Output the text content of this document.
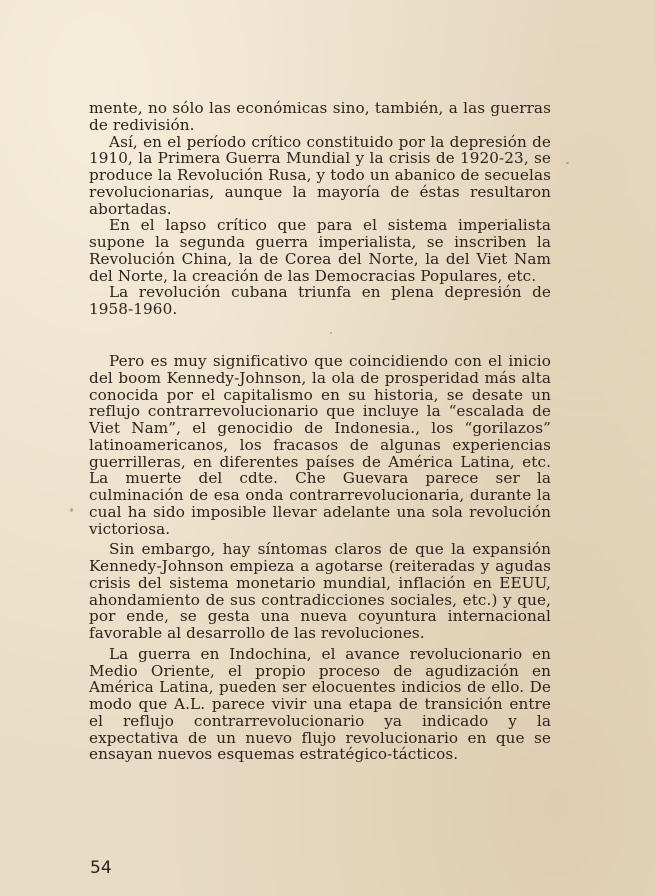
mente, no sólo las económicas sino, también, a las guerras de redivisión.

Así, en el período crítico constituido por la depresión de 1910, la Primera Guerra Mundial y la crisis de 1920-23, se produce la Revolución Rusa, y todo un abanico de secuelas revolucionarias, aunque la mayoría de éstas resultaron abortadas.

En el lapso crítico que para el sistema imperialista supone la segunda guerra imperialista, se inscriben la Revolución China, la de Corea del Norte, la del Viet Nam del Norte, la creación de las Democracias Populares, etc.

La revolución cubana triunfa en plena depresión de 1958-1960.

Pero es muy significativo que coincidiendo con el inicio del boom Kennedy-Johnson, la ola de prosperidad más alta conocida por el capitalismo en su historia, se desate un reflujo contrarrevolucionario que incluye la “escalada de Viet Nam”, el genocidio de Indonesia., los “gorilazos” latinoamericanos, los fracasos de algunas experiencias guerrilleras, en diferentes países de América Latina, etc. La muerte del cdte. Che Guevara parece ser la culminación de esa onda contrarrevolucionaria, durante la cual ha sido imposible llevar adelante una sola revolución victoriosa.

Sin embargo, hay síntomas claros de que la expansión Kennedy-Johnson empieza a agotarse (reiteradas y agudas crisis del sistema monetario mundial, inflación en EEUU, ahondamiento de sus contradicciones sociales, etc.) y que, por ende, se gesta una nueva coyuntura internacional favorable al desarrollo de las revoluciones.

La guerra en Indochina, el avance revolucionario en Medio Oriente, el propio proceso de agudización en América Latina, pueden ser elocuentes indicios de ello. De modo que A.L. parece vivir una etapa de transición entre el reflujo contrarrevolucionario ya indicado y la expectativa de un nuevo flujo revolucionario en que se ensayan nuevos esquemas estratégico-tácticos.

54
